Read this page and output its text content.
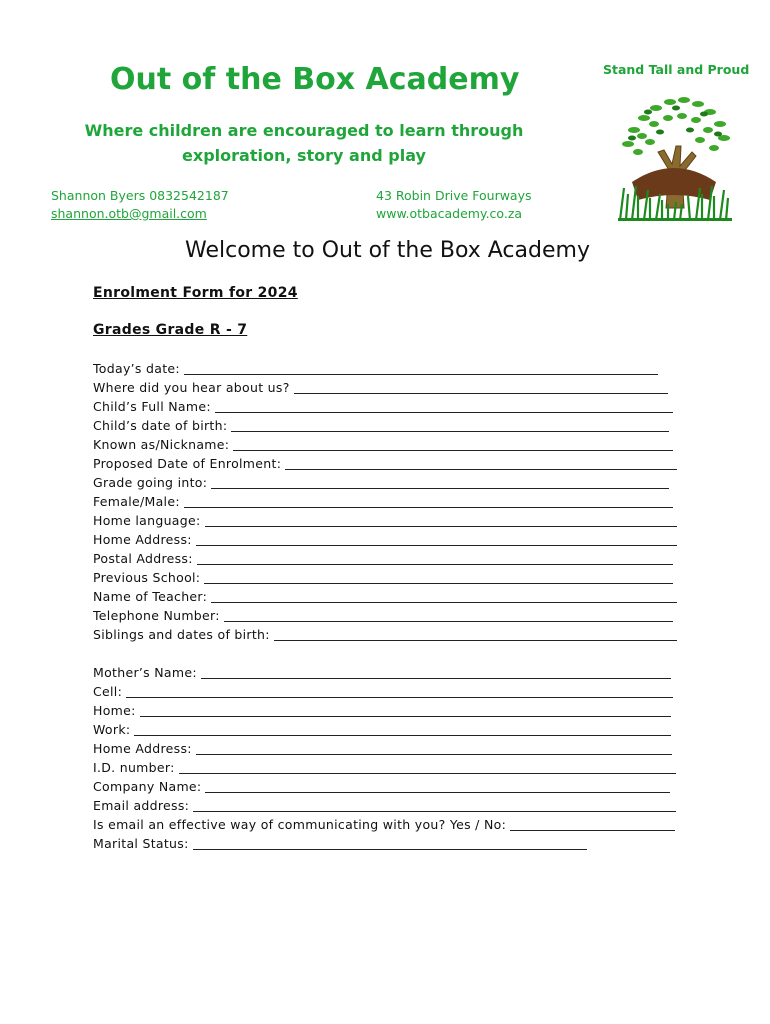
Out of the Box Academy	Stand Tall and Proud
Where children are encouraged to learn through
exploration, story and play
Shannon Byers 0832542187
shannon.otb@gmail.com
43 Robin Drive Fourways
www.otbacademy.co.za
Welcome to Out of the Box Academy
Enrolment Form for 2024
Grades Grade R - 7
Today’s date:
Where did you hear about us?
Child’s Full Name:
Child’s date of birth:
Known as/Nickname:
Proposed Date of Enrolment:
Grade going into:
Female/Male:
Home language:
Home Address:
Postal Address:
Previous School:
Name of Teacher:
Telephone Number:
Siblings and dates of birth:
Mother’s Name:
Cell:
Home:
Work:
Home Address:
I.D. number:
Company Name:
Email address:
Is email an effective way of communicating with you? Yes / No:
Marital Status:
